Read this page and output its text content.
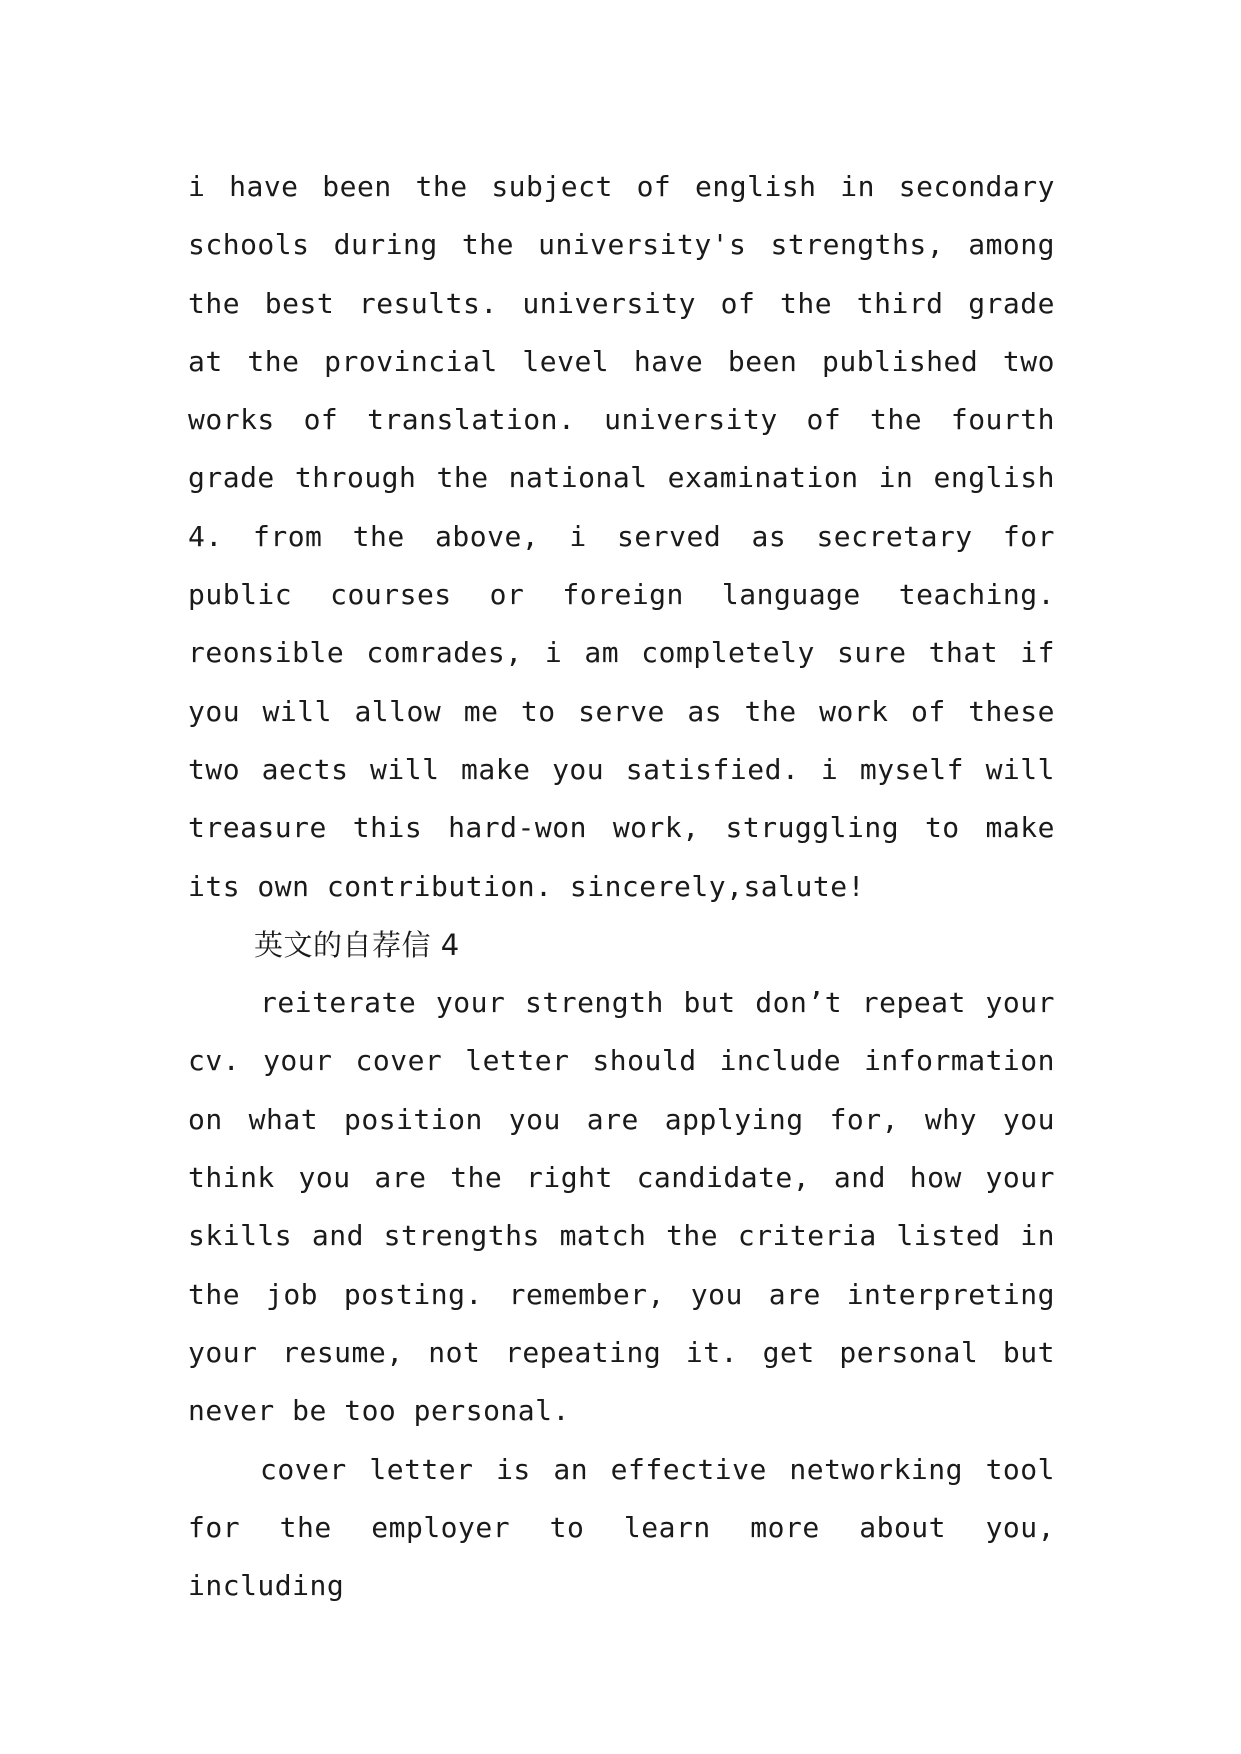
i have been the subject of english in secondary schools during the university's strengths, among the best results. university of the third grade at the provincial level have been published two works of translation. university of the fourth grade through the national examination in english 4. from the above, i served as secretary for public courses or foreign language teaching. reonsible comrades, i am completely sure that if you will allow me to serve as the work of these two aects will make you satisfied. i myself will treasure this hard-won work, struggling to make its own contribution. sincerely,salute!

英文的自荐信 4

reiterate your strength but don’t repeat your cv. your cover letter should include information on what position you are applying for, why you think you are the right candidate, and how your skills and strengths match the criteria listed in the job posting. remember, you are interpreting your resume, not repeating it. get personal but never be too personal.

cover letter is an effective networking tool for the employer to learn more about you, including
